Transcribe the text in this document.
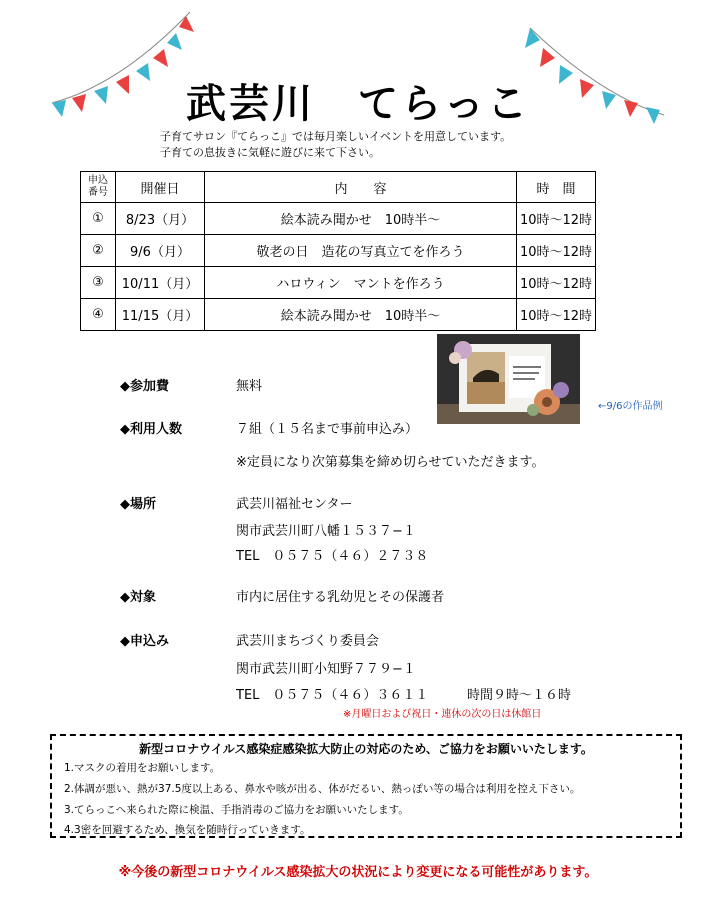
武芸川　てらっこ
子育てサロン『てらっこ』では毎月楽しいイベントを用意しています。
子育ての息抜きに気軽に遊びに来て下さい。
申込
番号	開催日	内　　容	時　間
①	8/23（月）	絵本読み聞かせ　10時半～	10時～12時
②	9/6（月）	敬老の日　造花の写真立てを作ろう	10時～12時
③	10/11（月）	ハロウィン　マントを作ろう	10時～12時
④	11/15（月）	絵本読み聞かせ　10時半～	10時～12時
←9/6の作品例
◆参加費	無料
◆利用人数	７組（１５名まで事前申込み）
※定員になり次第募集を締め切らせていただきます。
◆場所	武芸川福祉センター
関市武芸川町八幡１５３７−１
TEL　０５７５（４６）２７３８
◆対象	市内に居住する乳幼児とその保護者
◆申込み	武芸川まちづくり委員会
関市武芸川町小知野７７９−１
TEL　０５７５（４６）３６１１	時間９時～１６時
※月曜日および祝日・連休の次の日は休館日
新型コロナウイルス感染症感染拡大防止の対応のため、ご協力をお願いいたします。
1.マスクの着用をお願いします。
2.体調が悪い、熱が37.5度以上ある、鼻水や咳が出る、体がだるい、熱っぽい等の場合は利用を控え下さい。
3.てらっこへ来られた際に検温、手指消毒のご協力をお願いいたします。
4.3密を回避するため、換気を随時行っていきます。
※今後の新型コロナウイルス感染拡大の状況により変更になる可能性があります。
